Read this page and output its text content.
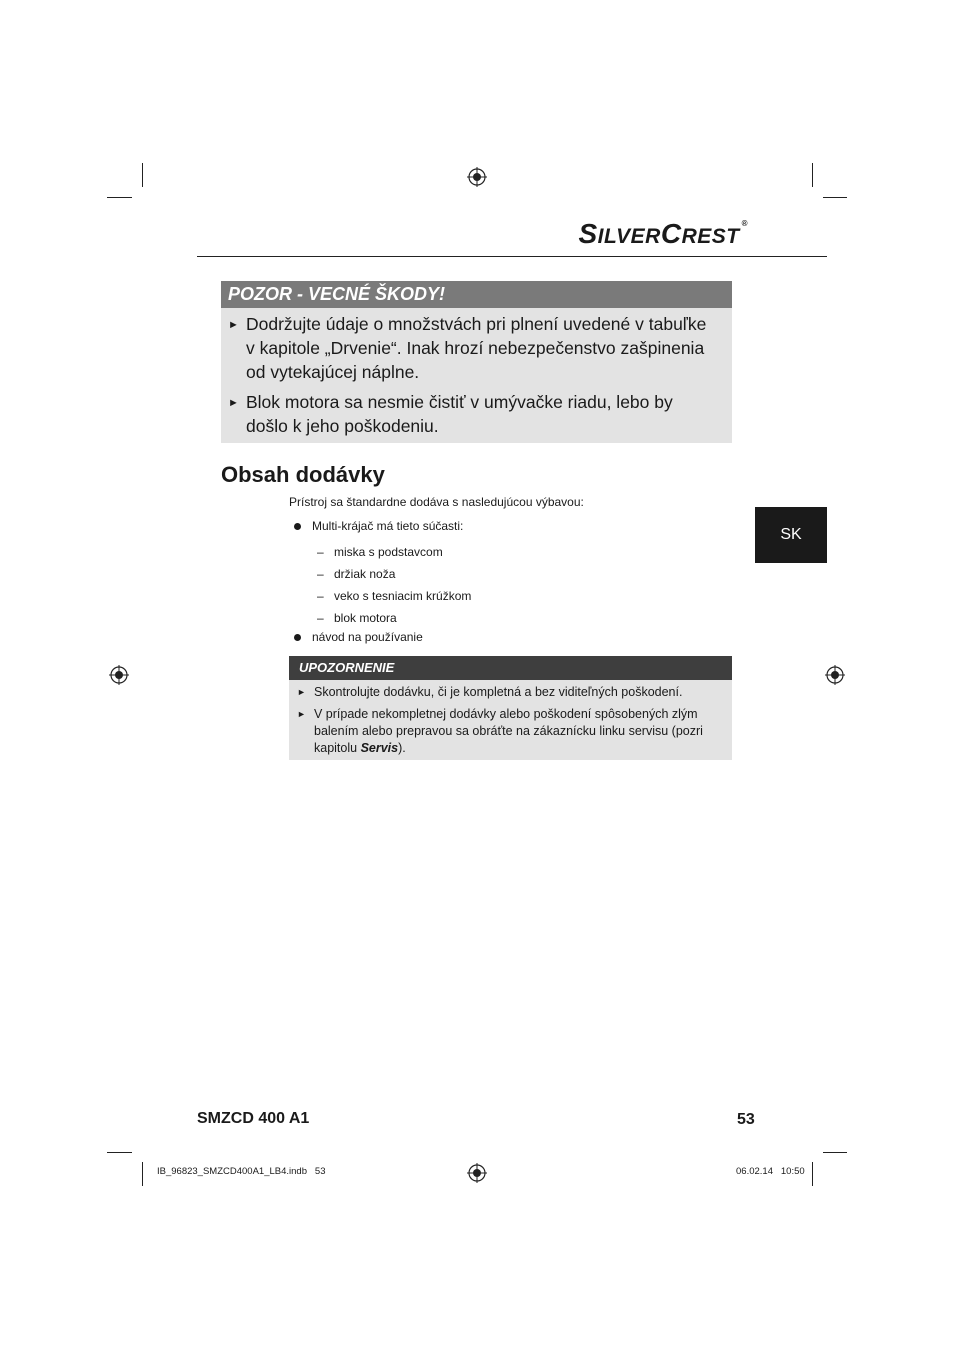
SILVERCREST®
POZOR - VECNÉ ŠKODY!
► Dodržujte údaje o množstvách pri plnení uvedené v tabuľke v kapitole „Drvenie“. Inak hrozí nebezpečenstvo zašpinenia od vytekajúcej náplne.
► Blok motora sa nesmie čistiť v umývačke riadu, lebo by došlo k jeho poškodeniu.
Obsah dodávky
Prístroj sa štandardne dodáva s nasledujúcou výbavou:
Multi-krájač má tieto súčasti:
– miska s podstavcom
– držiak noža
– veko s tesniacim krúžkom
– blok motora
návod na používanie
UPOZORNENIE
► Skontrolujte dodávku, či je kompletná a bez viditeľných poškodení.
► V prípade nekompletnej dodávky alebo poškodení spôsobených zlým balením alebo prepravou sa obráťte na zákaznícku linku servisu (pozri kapitolu Servis).
SK
SMZCD 400 A1	53
IB_96823_SMZCD400A1_LB4.indb   53	06.02.14   10:50
